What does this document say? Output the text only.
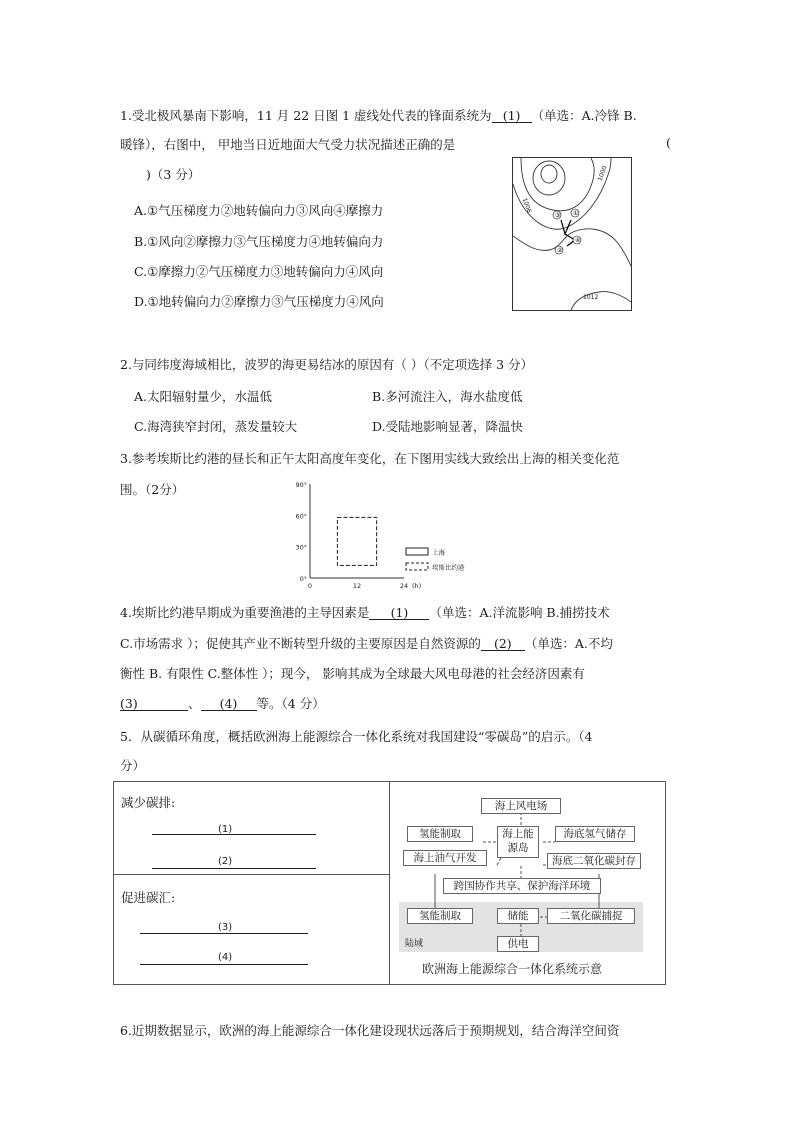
1.受北极风暴南下影响，11 月 22 日图 1 虚线处代表的锋面系统为 (1) （单选：A.冷锋 B.
暖锋），右图中， 甲地当日近地面大气受力状况描述正确的是	(
)（3 分）
A.①气压梯度力②地转偏向力③风向④摩擦力
B.①风向②摩擦力③气压梯度力④地转偏向力
C.①摩擦力②气压梯度力③地转偏向力④风向
D.①地转偏向力②摩擦力③气压梯度力④风向
③ ①
④
②
1000
1006
1012
2.与同纬度海域相比，波罗的海更易结冰的原因有（ ）（不定项选择 3 分）
A.太阳辐射量少，水温低	B.多河流注入，海水盐度低
C.海湾狭窄封闭，蒸发量较大	D.受陆地影响显著，降温快
3.参考埃斯比约港的昼长和正午太阳高度年变化，在下图用实线大致绘出上海的相关变化范
围。（2分）	90°
60°
30°
0°
0	12	24 (h)
上海
埃斯比约港
4.埃斯比约港早期成为重要渔港的主导因素是 (1) （单选：A.洋流影响 B.捕捞技术
C.市场需求 ）；促使其产业不断转型升级的主要原因是自然资源的 (2) （单选：A.不均
衡性 B. 有限性 C.整体性 ）；现今， 影响其成为全球最大风电母港的社会经济因素有
(3)	、 (4) 等。（4 分）
5．从碳循环角度，概括欧洲海上能源综合一体化系统对我国建设“零碳岛”的启示。（4
分）
减少碳排:
(1)
(2)
促进碳汇:
(3)
(4)
海上风电场
氢能制取	海上能源岛
海底氢气储存
海上油气开发	海底二氧化碳封存
跨国协作共享、保护海洋环境
氢能制取	储能	二氧化碳捕捉
供电
陆域
欧洲海上能源综合一体化系统示意
6.近期数据显示，欧洲的海上能源综合一体化建设现状远落后于预期规划，结合海洋空间资
